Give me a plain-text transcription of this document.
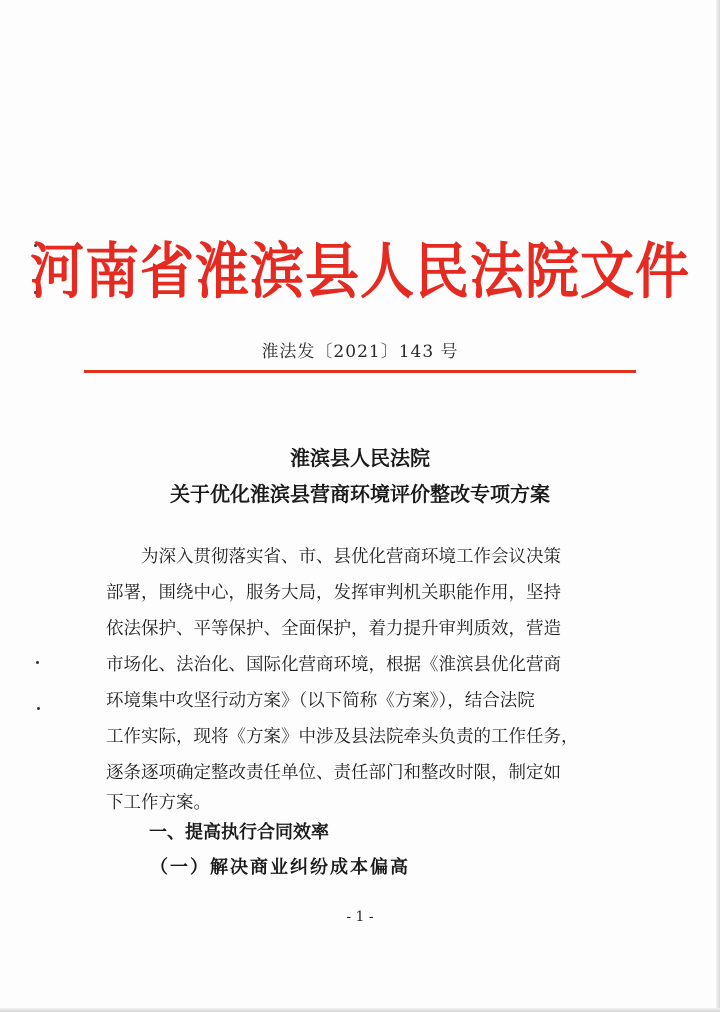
河南省淮滨县人民法院文件
淮法发〔2021〕143 号
淮滨县人民法院
关于优化淮滨县营商环境评价整改专项方案
　　为深入贯彻落实省、市、县优化营商环境工作会议决策
部署，围绕中心，服务大局，发挥审判机关职能作用，坚持
依法保护、平等保护、全面保护，着力提升审判质效，营造
市场化、法治化、国际化营商环境，根据《淮滨县优化营商
环境集中攻坚行动方案》（以下简称《方案》），结合法院
工作实际，现将《方案》中涉及县法院牵头负责的工作任务，
逐条逐项确定整改责任单位、责任部门和整改时限，制定如
下工作方案。
一、提高执行合同效率
（一）解决商业纠纷成本偏高
- 1 -
